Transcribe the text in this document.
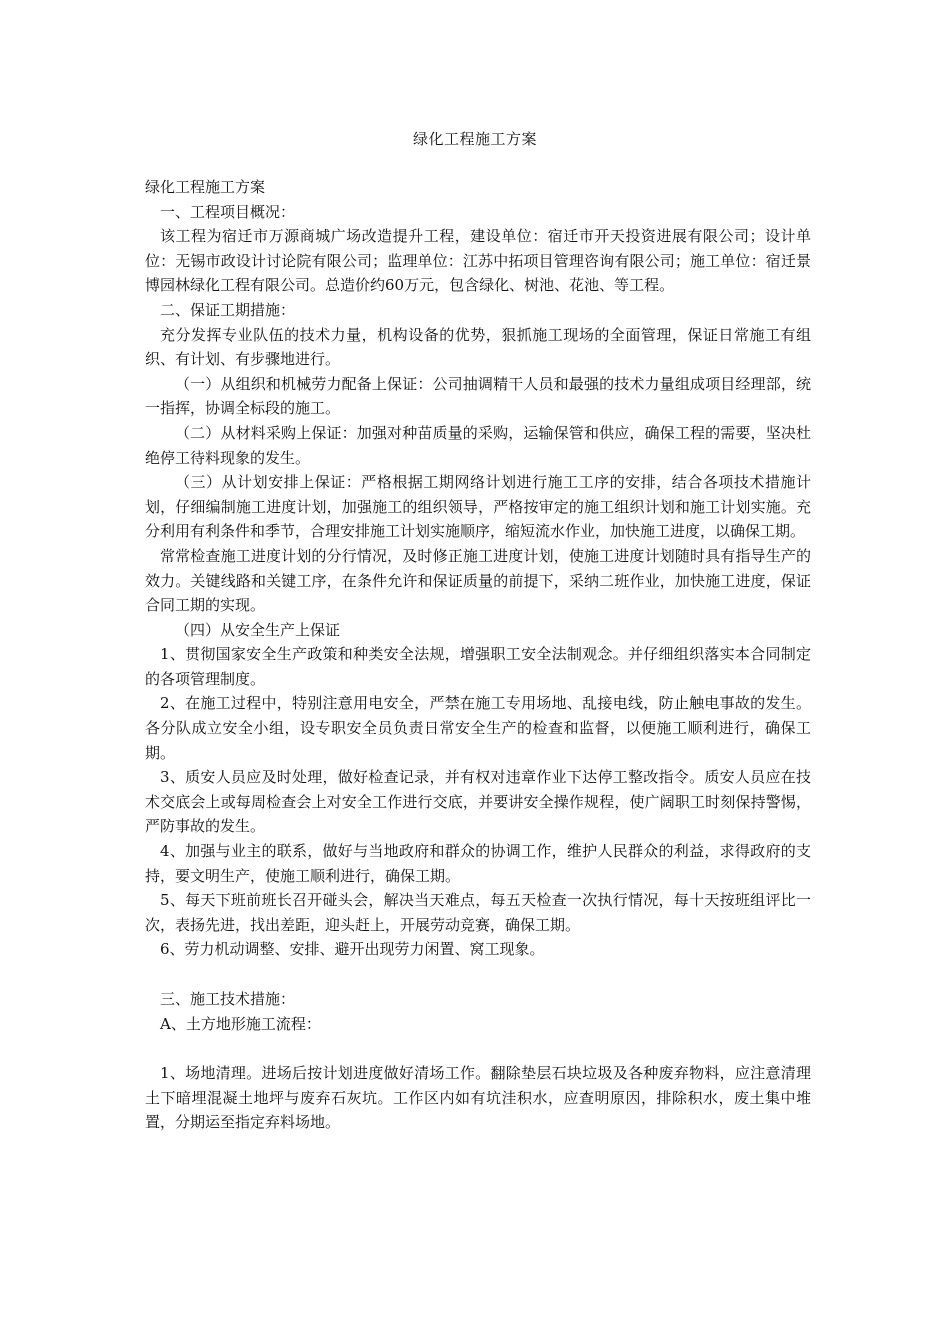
绿化工程施工方案

绿化工程施工方案

一、工程项目概况：

该工程为宿迁市万源商城广场改造提升工程，建设单位：宿迁市开天投资进展有限公司；设计单位：无锡市政设计讨论院有限公司；监理单位：江苏中拓项目管理咨询有限公司；施工单位：宿迁景博园林绿化工程有限公司。总造价约60万元，包含绿化、树池、花池、等工程。

二、保证工期措施：

充分发挥专业队伍的技术力量，机构设备的优势，狠抓施工现场的全面管理，保证日常施工有组织、有计划、有步骤地进行。

（一）从组织和机械劳力配备上保证：公司抽调精干人员和最强的技术力量组成项目经理部，统一指挥，协调全标段的施工。

（二）从材料采购上保证：加强对种苗质量的采购，运输保管和供应，确保工程的需要，坚决杜绝停工待料现象的发生。

（三）从计划安排上保证：严格根据工期网络计划进行施工工序的安排，结合各项技术措施计划，仔细编制施工进度计划，加强施工的组织领导，严格按审定的施工组织计划和施工计划实施。充分利用有利条件和季节，合理安排施工计划实施顺序，缩短流水作业，加快施工进度，以确保工期。

常常检查施工进度计划的分行情况，及时修正施工进度计划，使施工进度计划随时具有指导生产的效力。关键线路和关键工序，在条件允许和保证质量的前提下，采纳二班作业，加快施工进度，保证合同工期的实现。

（四）从安全生产上保证

1、贯彻国家安全生产政策和种类安全法规，增强职工安全法制观念。并仔细组织落实本合同制定的各项管理制度。

2、在施工过程中，特别注意用电安全，严禁在施工专用场地、乱接电线，防止触电事故的发生。各分队成立安全小组，设专职安全员负责日常安全生产的检查和监督，以便施工顺利进行，确保工期。

3、质安人员应及时处理，做好检查记录，并有权对违章作业下达停工整改指令。质安人员应在技术交底会上或每周检查会上对安全工作进行交底，并要讲安全操作规程，使广阔职工时刻保持警惕，严防事故的发生。

4、加强与业主的联系，做好与当地政府和群众的协调工作，维护人民群众的利益，求得政府的支持，要文明生产，使施工顺利进行，确保工期。

5、每天下班前班长召开碰头会，解决当天难点，每五天检查一次执行情况，每十天按班组评比一次，表扬先进，找出差距，迎头赶上，开展劳动竞赛，确保工期。

6、劳力机动调整、安排、避开出现劳力闲置、窝工现象。

三、施工技术措施：

A、土方地形施工流程：

1、场地清理。进场后按计划进度做好清场工作。翻除垫层石块垃圾及各种废弃物料，应注意清理土下暗埋混凝土地坪与废弃石灰坑。工作区内如有坑洼积水，应查明原因，排除积水，废土集中堆置，分期运至指定弃料场地。
